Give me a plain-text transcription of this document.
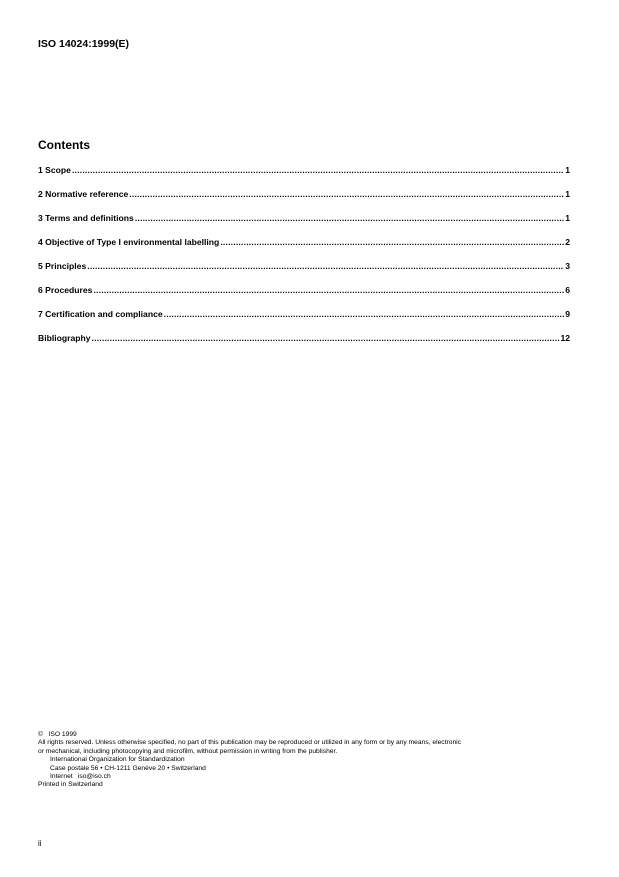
ISO 14024:1999(E)
Contents
1 Scope .....	1
2 Normative reference .....	1
3 Terms and definitions .....	1
4 Objective of Type I environmental labelling .....	2
5 Principles .....	3
6 Procedures .....	6
7 Certification and compliance .....	9
Bibliography .....	12
©   ISO 1999
All rights reserved. Unless otherwise specified, no part of this publication may be reproduced or utilized in any form or by any means, electronic
or mechanical, including photocopying and microfilm, without permission in writing from the publisher.
International Organization for Standardization
Case postale 56 • CH-1211 Genève 20 • Switzerland
Internet iso@iso.ch
Printed in Switzerland
ii
